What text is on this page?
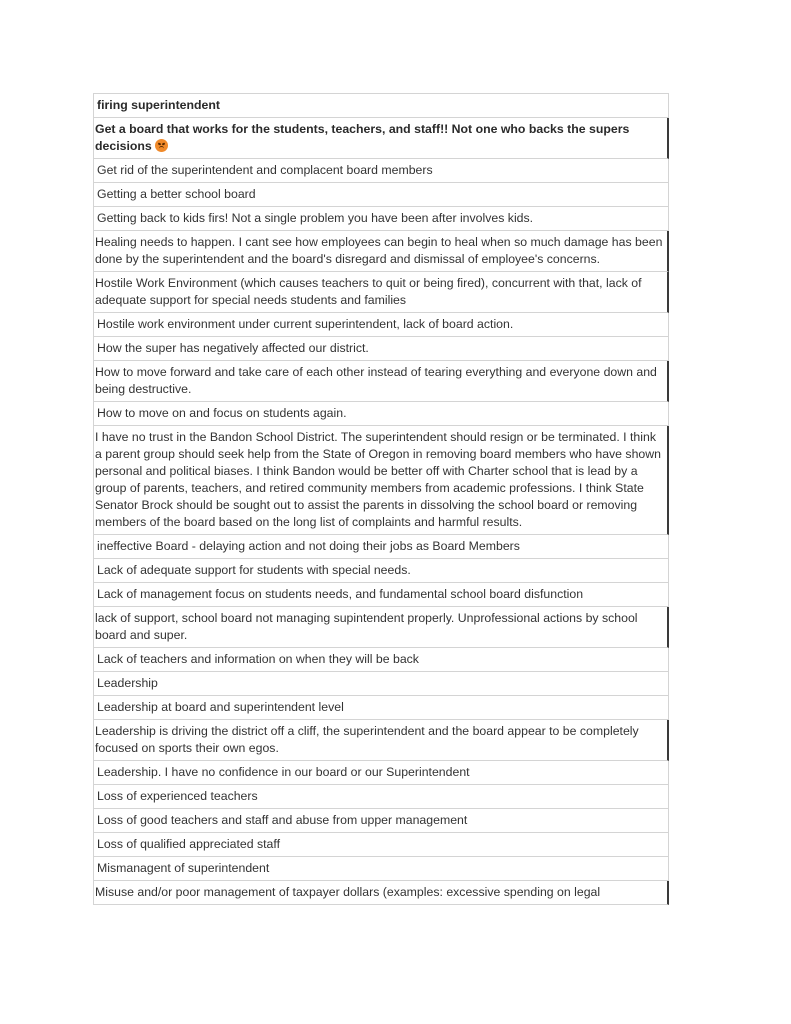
firing superintendent
Get a board that works for the students, teachers, and staff!! Not one who backs the supers decisions
Get rid of the superintendent and complacent board members
Getting a better school board
Getting back to kids firs! Not a single problem you have been after involves kids.
Healing needs to happen. I cant see how employees can begin to heal when so much damage has been done by the superintendent and the board's disregard and dismissal of employee's concerns.
Hostile Work Environment (which causes teachers to quit or being fired), concurrent with that, lack of adequate support for special needs students and families
Hostile work environment under current superintendent, lack of board action.
How the super has negatively affected our district.
How to move forward and take care of each other instead of tearing everything and everyone down and being destructive.
How to move on and focus on students again.
I have no trust in the Bandon School District. The superintendent should resign or be terminated. I think a parent group should seek help from the State of Oregon in removing board members who have shown personal and political biases. I think Bandon would be better off with Charter school that is lead by a group of parents, teachers, and retired community members from academic professions. I think State Senator Brock should be sought out to assist the parents in dissolving the school board or removing members of the board based on the long list of complaints and harmful results.
ineffective Board - delaying action and not doing their jobs as Board Members
Lack of adequate support for students with special needs.
Lack of management focus on students needs, and fundamental school board disfunction
lack of support, school board not managing supintendent properly. Unprofessional actions by school board and super.
Lack of teachers and information on when they will be back
Leadership
Leadership at board and superintendent level
Leadership is driving the district off a cliff, the superintendent and the board appear to be completely focused on sports their own egos.
Leadership. I have no confidence in our board or our Superintendent
Loss of experienced teachers
Loss of good teachers and staff and abuse from upper management
Loss of qualified appreciated staff
Mismanagent of superintendent
Misuse and/or poor management of taxpayer dollars (examples: excessive spending on legal
